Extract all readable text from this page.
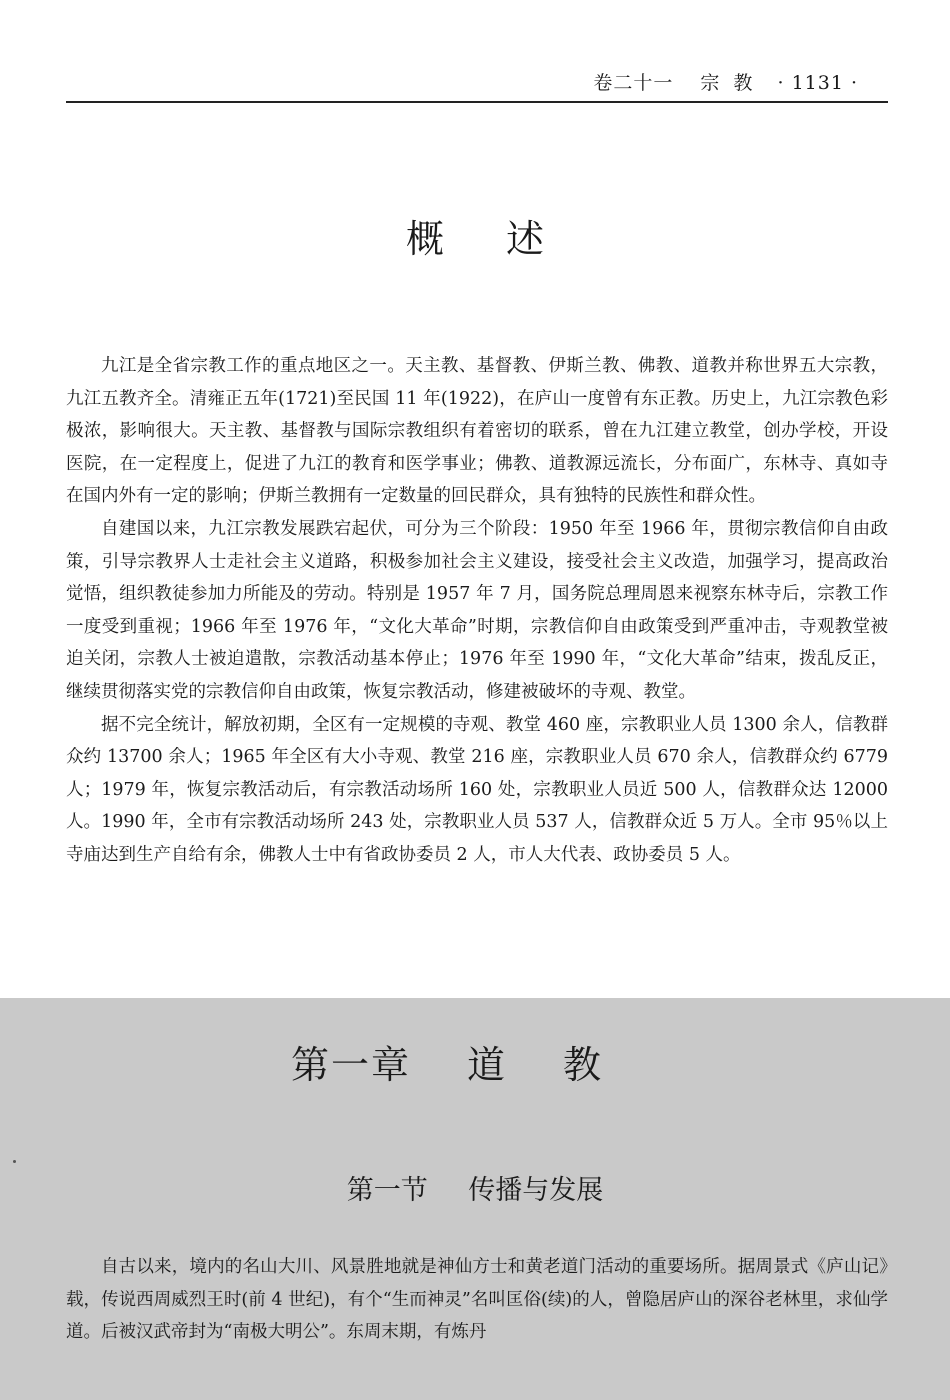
卷二十一 宗教 · 1131 ·
概述

九江是全省宗教工作的重点地区之一。天主教、基督教、伊斯兰教、佛教、道教并称世界五大宗教，九江五教齐全。清雍正五年(1721)至民国 11 年(1922)，在庐山一度曾有东正教。历史上，九江宗教色彩极浓，影响很大。天主教、基督教与国际宗教组织有着密切的联系，曾在九江建立教堂，创办学校，开设医院，在一定程度上，促进了九江的教育和医学事业；佛教、道教源远流长，分布面广，东林寺、真如寺在国内外有一定的影响；伊斯兰教拥有一定数量的回民群众，具有独特的民族性和群众性。

自建国以来，九江宗教发展跌宕起伏，可分为三个阶段：1950 年至 1966 年，贯彻宗教信仰自由政策，引导宗教界人士走社会主义道路，积极参加社会主义建设，接受社会主义改造，加强学习，提高政治觉悟，组织教徒参加力所能及的劳动。特别是 1957 年 7 月，国务院总理周恩来视察东林寺后，宗教工作一度受到重视；1966 年至 1976 年，“文化大革命”时期，宗教信仰自由政策受到严重冲击，寺观教堂被迫关闭，宗教人士被迫遣散，宗教活动基本停止；1976 年至 1990 年，“文化大革命”结束，拨乱反正，继续贯彻落实党的宗教信仰自由政策，恢复宗教活动，修建被破坏的寺观、教堂。

据不完全统计，解放初期，全区有一定规模的寺观、教堂 460 座，宗教职业人员 1300 余人，信教群众约 13700 余人；1965 年全区有大小寺观、教堂 216 座，宗教职业人员 670 余人，信教群众约 6779 人；1979 年，恢复宗教活动后，有宗教活动场所 160 处，宗教职业人员近 500 人，信教群众达 12000 人。1990 年，全市有宗教活动场所 243 处，宗教职业人员 537 人，信教群众近 5 万人。全市 95％以上寺庙达到生产自给有余，佛教人士中有省政协委员 2 人，市人大代表、政协委员 5 人。

第一章 道教
第一节 传播与发展

自古以来，境内的名山大川、风景胜地就是神仙方士和黄老道门活动的重要场所。据周景式《庐山记》载，传说西周威烈王时(前 4 世纪)，有个“生而神灵”名叫匡俗(续)的人，曾隐居庐山的深谷老林里，求仙学道。后被汉武帝封为“南极大明公”。东周末期，有炼丹
